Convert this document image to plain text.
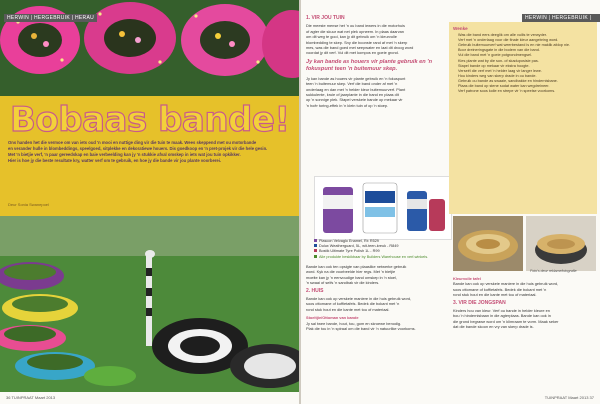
HERWIN | HERGEBRUIK | HERAU
Bobaas bande!
Ons handen het die vermoe om van iets oud 'n mooi en nuttige ding vir die tuin te maak. Wees skeppend met ou motorbande
en verander hulle in blombeddings, speelgoed, sitplekke en dekoratiewe houers. Dis goedkoop en 'n pret-projek vir die hele gesin.
Met 'n bietjie verf, 'n paar gereedskap en baie verbeelding kan jy 'n stukkie afval omskep in iets wat jou tuin opkikker.
Hier is hoe jy die beste resultate kry, watter verf om te gebruik, en hoe jy die bande vir jou plante voorberei.
Deur Sonia Swanepoel
36 TUINPRAAT Maart 2013
HERWIN | HERGEBRUIK |
1. VIR JOU TUIN
Die meeste mense het 'n ou band iewers in die motorhuis
of agter die skuur wat net plek opneem. In plaas daarvan
om dit weg te gooi, kan jy dit gebruik om 'n kleurvolle
blombedding te skep. Sny die boonste rand af met 'n skerp
mes, was die band goed met seepwater en laat dit droog word
voordat jy dit verf. Vul dit met kompos en goeie grond.
Jy kan bande as houers vir plante gebruik en 'n fokuspunt teen 'n buitemuur skep.
Jy kan bande as houers vir plante gebruik en 'n fokuspunt
teen 'n buitemuur skep. Verf die band onder af met 'n
onderlaag en dan met 'n helder kleur buitemuurverf. Plant
sukkulente, kruie of jaarplante in die band en plaas dit
op 'n sonnige plek. Stapel verskeie bande op mekaar vir
'n hoër toring-effek in 'n klein tuin of op 'n stoep.
Plascon Velvaglo Enamel, R± R529
Dulux Weatherguard, 5L, wit-teen-kreuk - R849
Bostik Ultimate Tyre Polish 1L - R99
Alle produkte beskikbaar by Builders Warehouse en verf-winkels.
Bande kan ook ten opsigte van plaaslike netwerke gebruik
word. Kyk na die voorbeelde hier regs. Met 'n bietjie
moeite kan jy 'n eenvoudige band omskep in 'n stoel,
'n swaai of selfs 'n sandbak vir die kinders.
2. HUIS
Bande kan ook op verskeie maniere in die huis gebruik word,
soos ottomane of koffietafels. Bedek die bokant met 'n
rond stuk hout en die kante met tou of materiaal.
Stoeltjie/Ottoman van bande
Jy sal twee bande, hout, tou, gom en skroewe benodig.
Plak die tou in 'n spiraal om die band vir 'n natuurlike voorkoms.
Wenke
• Was die band eers deeglik om alle vuilis te verwyder.
• Verf met 'n onderlaag voor die finale kleur aangebring word.
• Gebruik buitemuurverf wat weerbestand is en nie maklik afdop nie.
• Boor dreineringsgate in die bodem van die band.
• Vul die band met 'n goeie potgrondmengsel.
• Kies plante wat by die son- of skaduposisie pas.
• Stapel bande op mekaar vir ekstra hoogte.
• Verseël die verf met 'n helder laag vir langer lewe.
• Hou kinders weg van skerp drade in ou bande.
• Gebruik ou bande as swaaie, sandbakke en hindernisbane.
• Plaas die band op stene sodat water kan wegdreineer.
• Verf patrone soos kolle en strepe vir 'n speelse voorkoms.
Foto's deur reklamefotografie
Kleurvolle tafel
Bande kan ook op verskeie maniere in die huis gebruik word,
soos ottomane of koffietafels. Bedek die bokant met 'n
rond stuk hout en die kante met tou of materiaal.
3. VIR DIE JONGSPAN
Kinders hou van kleur. Verf ou bande in helder kleure en
bou 'n hindernisbaan in die agterplaas. Bande kan ook in
die grond begrawe word om 'n klimraam te vorm. Maak seker
dat die bande skoon en vry van skerp drade is.
TUINPRAAT Maart 2013 37
